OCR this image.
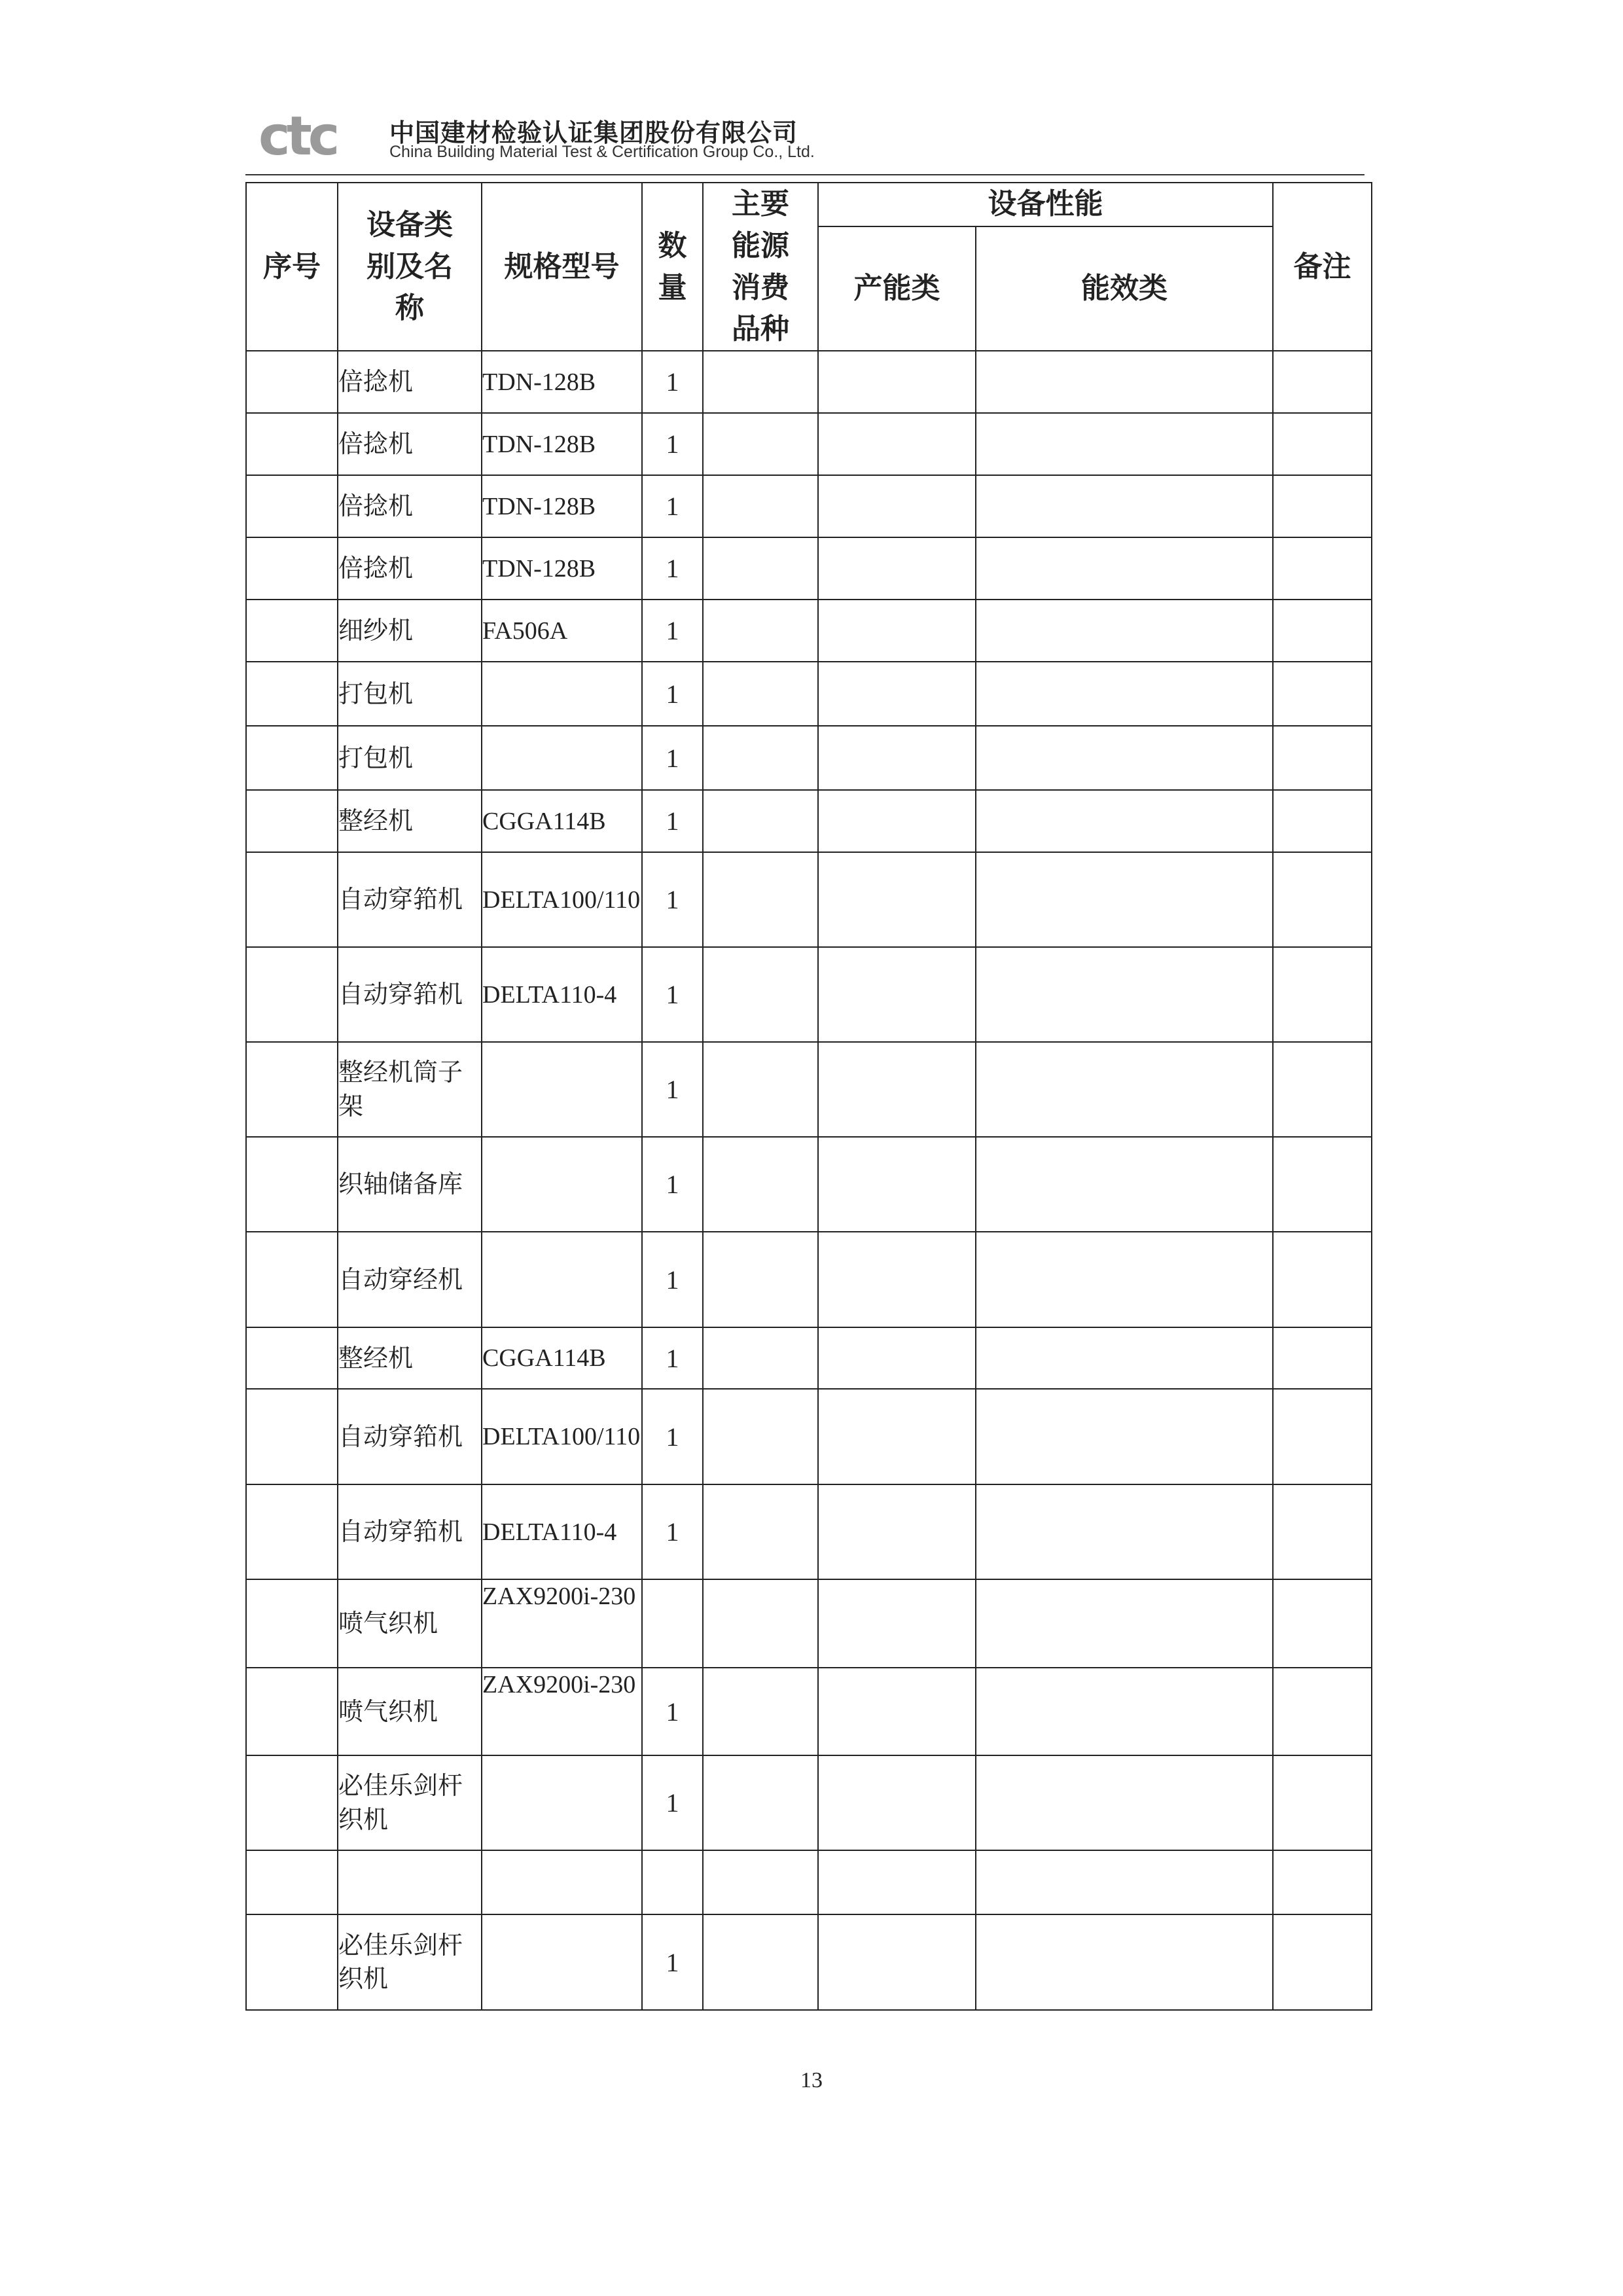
ctc 中国建材检验认证集团股份有限公司
China Building Material Test & Certification Group Co., Ltd.
序号	设备类别及名称	规格型号	数量	主要能源消费品种	设备性能		备注

					产能类	能效类	
	倍捻机	TDN-128B	1				
	倍捻机	TDN-128B	1				
	倍捻机	TDN-128B	1				
	倍捻机	TDN-128B	1				
	细纱机	FA506A	1				
	打包机		1				
	打包机		1				
	整经机	CGGA114B	1				
	自动穿筘机	DELTA100/110	1				
	自动穿筘机	DELTA110-4	1				
	整经机筒子架		1				
	织轴储备库		1				
	自动穿经机		1				
	整经机	CGGA114B	1				
	自动穿筘机	DELTA100/110	1				
	自动穿筘机	DELTA110-4	1				
	喷气织机	ZAX9200i-230					
	喷气织机	ZAX9200i-230	1				
	必佳乐剑杆织机		1				

	必佳乐剑杆织机		1				
13
